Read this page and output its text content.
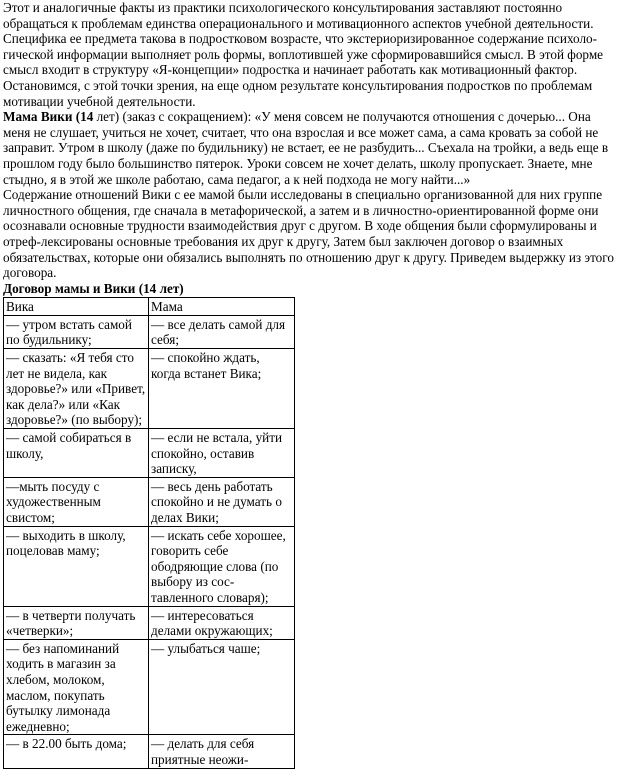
Этот и аналогичные факты из практики психологического консультирования заставляют постоянно обращаться к проблемам единства операционального и мотивационного аспектов учебной деятельности. Специфика ее предмета такова в подростковом возрасте, что экстериоризированное содержание психоло-гической информации выполняет роль формы, воплотившей уже сформировавшийся смысл. В этой форме смысл входит в структуру «Я-концепции» подростка и начинает работать как мотивационный фактор. Остановимся, с этой точки зрения, на еще одном результате консультирования подростков по проблемам мотивации учебной деятельности.

Мама Вики (14 лет) (заказ с сокращением): «У меня совсем не получаются отношения с дочерью... Она меня не слушает, учиться не хочет, считает, что она взрослая и все может сама, а сама кровать за собой не заправит. Утром в школу (даже по будильнику) не встает, ее не разбудить... Съехала на тройки, а ведь еще в прошлом году было большинство пятерок. Уроки совсем не хочет делать, школу пропускает. Знаете, мне стыдно, я в этой же школе работаю, сама педагог, а к ней подхода не могу найти...»

Содержание отношений Вики с ее мамой были исследованы в специально организованной для них группе личностного общения, где сначала в метафорической, а затем и в личностно-ориентированной форме они осознавали основные трудности взаимодействия друг с другом. В ходе общения были сформулированы и отреф-лексированы основные требования их друг к другу, Затем был заключен договор о взаимных обязательствах, которые они обязались выполнять по отношению друг к другу. Приведем выдержку из этого договора.

Договор мамы и Вики (14 лет)

Вика	Мама
— утром встать самой по будильнику;	— все делать самой для себя;
— сказать: «Я тебя сто лет не видела, как здоровье?» или «Привет, как дела?» или «Как здоровье?» (по выбору);	— спокойно ждать, когда встанет Вика;
— самой собираться в школу,	— если не встала, уйти спокойно, оставив записку,
—мыть посуду с художественным свистом;	— весь день работать спокойно и не думать о делах Вики;
— выходить в школу, поцеловав маму;	— искать себе хорошее, говорить себе ободряющие слова (по выбору из сос-тавленного словаря);
— в четверти получать «четверки»;	— интересоваться делами окружающих;
— без напоминаний ходить в магазин за хлебом, молоком, маслом, покупать бутылку лимонада ежедневно;	— улыбаться чаше;
— в 22.00 быть дома;	— делать для себя приятные неожи-
